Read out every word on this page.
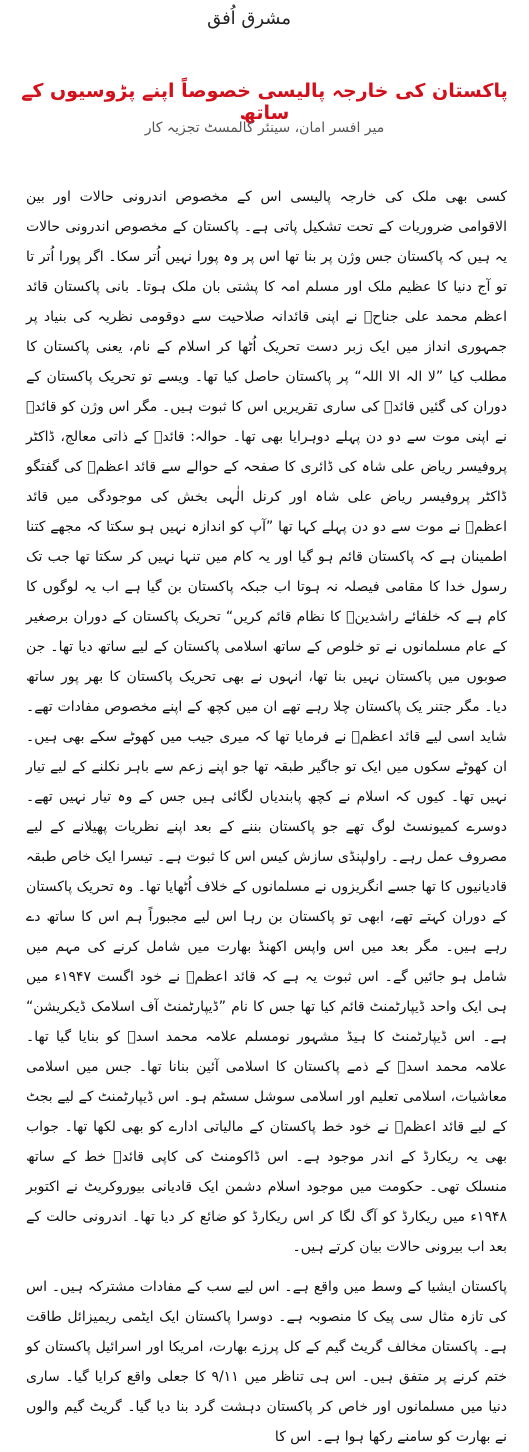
مشرق اُفق
پاکستان کی خارجہ پالیسی خصوصاً اپنے پڑوسیوں کے ساتھ
میر افسر امان، سینئر کالمسٹ تجزیہ کار

کسی بھی ملک کی خارجہ پالیسی اس کے مخصوص اندرونی حالات اور بین الاقوامی ضروریات کے تحت تشکیل پاتی ہے۔ پاکستان کے مخصوص اندرونی حالات یہ ہیں کہ پاکستان جس وژن پر بنا تھا اس پر وہ پورا نہیں اُتر سکا۔ اگر پورا اُتر تا تو آج دنیا کا عظیم ملک اور مسلم امہ کا پشتی بان ملک ہوتا۔ بانی پاکستان قائد اعظم محمد علی جناحؒ نے اپنی قائدانہ صلاحیت سے دوقومی نظریہ کی بنیاد پر جمہوری انداز میں ایک زبر دست تحریک اُٹھا کر اسلام کے نام، یعنی پاکستان کا مطلب کیا ”لا الہ الا اللہ“ پر پاکستان حاصل کیا تھا۔ ویسے تو تحریک پاکستان کے دوران کی گئیں قائدؒ کی ساری تقریریں اس کا ثبوت ہیں۔ مگر اس وژن کو قائدؒ نے اپنی موت سے دو دن پہلے دوہرایا بھی تھا۔ حوالہ: قائدؒ کے ذاتی معالج، ڈاکٹر پروفیسر ریاض علی شاہ کی ڈائری کا صفحہ کے حوالے سے قائد اعظمؒ کی گفتگو ڈاکٹر پروفیسر ریاض علی شاہ اور کرنل الٰہی بخش کی موجودگی میں قائد اعظمؒ نے موت سے دو دن پہلے کہا تھا ”آپ کو اندازہ نہیں ہو سکتا کہ مجھے کتنا اطمینان ہے کہ پاکستان قائم ہو گیا اور یہ کام میں تنہا نہیں کر سکتا تھا جب تک رسول خدا کا مقامی فیصلہ نہ ہوتا اب جبکہ پاکستان بن گیا ہے اب یہ لوگوں کا کام ہے کہ خلفائے راشدینؓ کا نظام قائم کریں“ تحریک پاکستان کے دوران برصغیر کے عام مسلمانوں نے تو خلوص کے ساتھ اسلامی پاکستان کے لیے ساتھ دیا تھا۔ جن صوبوں میں پاکستان نہیں بنا تھا، انہوں نے بھی تحریک پاکستان کا بھر پور ساتھ دیا۔ مگر جتنر یک پاکستان چلا رہے تھے ان میں کچھ کے اپنے مخصوص مفادات تھے۔ شاید اسی لیے قائد اعظمؒ نے فرمایا تھا کہ میری جیب میں کھوٹے سکے بھی ہیں۔ ان کھوٹے سکوں میں ایک تو جاگیر طبقہ تھا جو اپنے زعم سے باہر نکلنے کے لیے تیار نہیں تھا۔ کیوں کہ اسلام نے کچھ پابندیاں لگائی ہیں جس کے وہ تیار نہیں تھے۔ دوسرے کمیونسٹ لوگ تھے جو پاکستان بننے کے بعد اپنے نظریات پھیلانے کے لیے مصروف عمل رہے۔ راولپنڈی سازش کیس اس کا ثبوت ہے۔ تیسرا ایک خاص طبقہ قادیانیوں کا تھا جسے انگریزوں نے مسلمانوں کے خلاف اُٹھایا تھا۔ وہ تحریک پاکستان کے دوران کہتے تھے، ابھی تو پاکستان بن رہا اس لیے مجبوراً ہم اس کا ساتھ دے رہے ہیں۔ مگر بعد میں اس واپس اکھنڈ بھارت میں شامل کرنے کی مہم میں شامل ہو جائیں گے۔ اس ثبوت یہ ہے کہ قائد اعظمؒ نے خود اگست ۱۹۴۷ء میں ہی ایک واحد ڈیپارٹمنٹ قائم کیا تھا جس کا نام ”ڈیپارٹمنٹ آف اسلامک ڈیکریشن“ ہے۔ اس ڈیپارٹمنٹ کا ہیڈ مشہور نومسلم علامہ محمد اسدؒ کو بنایا گیا تھا۔ علامہ محمد اسدؒ کے ذمے پاکستان کا اسلامی آئین بنانا تھا۔ جس میں اسلامی معاشیات، اسلامی تعلیم اور اسلامی سوشل سسٹم ہو۔ اس ڈیپارٹمنٹ کے لیے بجٹ کے لیے قائد اعظمؒ نے خود خط پاکستان کے مالیاتی ادارے کو بھی لکھا تھا۔ جواب بھی یہ ریکارڈ کے اندر موجود ہے۔ اس ڈاکومنٹ کی کاپی قائدؒ خط کے ساتھ منسلک تھی۔ حکومت میں موجود اسلام دشمن ایک قادیانی بیوروکریٹ نے اکتوبر ۱۹۴۸ء میں ریکارڈ کو آگ لگا کر اس ریکارڈ کو ضائع کر دیا تھا۔ اندرونی حالت کے بعد اب بیرونی حالات بیان کرتے ہیں۔

پاکستان ایشیا کے وسط میں واقع ہے۔ اس لیے سب کے مفادات مشترکہ ہیں۔ اس کی تازہ مثال سی پیک کا منصوبہ ہے۔ دوسرا پاکستان ایک ایٹمی ریمیزائل طاقت ہے۔ پاکستان مخالف گریٹ گیم کے کل پرزے بھارت، امریکا اور اسرائیل پاکستان کو ختم کرنے پر متفق ہیں۔ اس ہی تناظر میں ۹/۱۱ کا جعلی واقع کرایا گیا۔ ساری دنیا میں مسلمانوں اور خاص کر پاکستان دہشت گرد بنا دیا گیا۔ گریٹ گیم والوں نے بھارت کو سامنے رکھا ہوا ہے۔ اس کا
